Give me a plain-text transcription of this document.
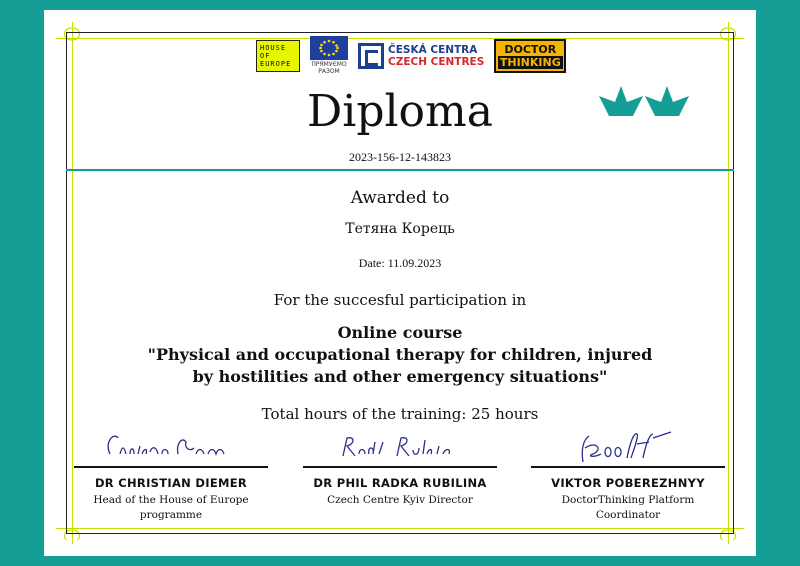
HOUSE
OF
EUROPE	ПРЯМУЄМО
РАЗОМ
ČESKÁ CENTRA
CZECH CENTRES
DOCTOR
THINKING
Diploma
2023-156-12-143823
Awarded to
Тетяна Корець
Date: 11.09.2023
For the succesful participation in
Online course
"Physical and occupational therapy for children, injured
by hostilities and other emergency situations"
Total hours of the training: 25 hours
DR CHRISTIAN DIEMER
Head of the House of Europe
programme
DR PHIL RADKA RUBILINA
Czech Centre Kyiv Director
VIKTOR POBEREZHNYY
DoctorThinking Platform
Coordinator
